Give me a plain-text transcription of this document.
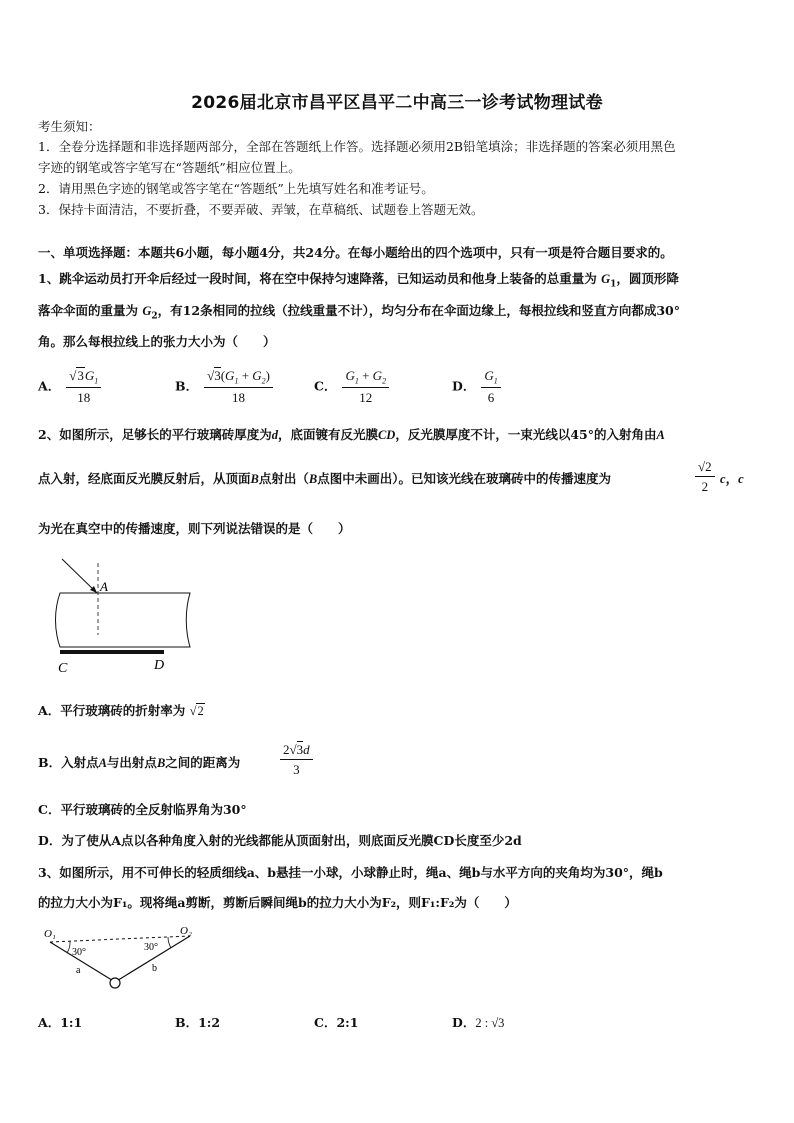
2026届北京市昌平区昌平二中高三一诊考试物理试卷
考生须知：
1．全卷分选择题和非选择题两部分，全部在答题纸上作答。选择题必须用2B铅笔填涂；非选择题的答案必须用黑色
字迹的钢笔或答字笔写在“答题纸”相应位置上。
2．请用黑色字迹的钢笔或答字笔在“答题纸”上先填写姓名和准考证号。
3．保持卡面清洁，不要折叠，不要弄破、弄皱，在草稿纸、试题卷上答题无效。
一、单项选择题：本题共6小题，每小题4分，共24分。在每小题给出的四个选项中，只有一项是符合题目要求的。
1、跳伞运动员打开伞后经过一段时间，将在空中保持匀速降落，已知运动员和他身上装备的总重量为 $G_1$，圆顶形降
落伞伞面的重量为 $G_2$，有12条相同的拉线（拉线重量不计），均匀分布在伞面边缘上，每根拉线和竖直方向都成30°
角。那么每根拉线上的张力大小为（　　）
A． $\frac{√3G_1}{18}$	B． $\frac{√3(G_1 + G_2)}{18}$	C． $\frac{G_1 + G_2}{12}$	D． $\frac{G_1}{6}$
2、如图所示，足够长的平行玻璃砖厚度为d，底面镀有反光膜CD，反光膜厚度不计，一束光线以45°的入射角由A
点入射，经底面反光膜反射后，从顶面B点射出（B点图中未画出）。已知该光线在玻璃砖中的传播速度为	$\frac{√2}{2}$ c，c
为光在真空中的传播速度，则下列说法错误的是（　　）
A
C	D
A．平行玻璃砖的折射率为 √2
B．入射点A与出射点B之间的距离为	$\frac{2√3d}{3}$
C．平行玻璃砖的全反射临界角为30°
D．为了使从A点以各种角度入射的光线都能从顶面射出，则底面反光膜CD长度至少2d
3、如图所示，用不可伸长的轻质细线a、b悬挂一小球，小球静止时，绳a、绳b与水平方向的夹角均为30°，绳b
的拉力大小为F₁。现将绳a剪断，剪断后瞬间绳b的拉力大小为F₂，则F₁:F₂为（　　）
O₁	O₂
30°	30°
a	b
A．1:1	B．1:2	C．2:1	D．2 : √3
